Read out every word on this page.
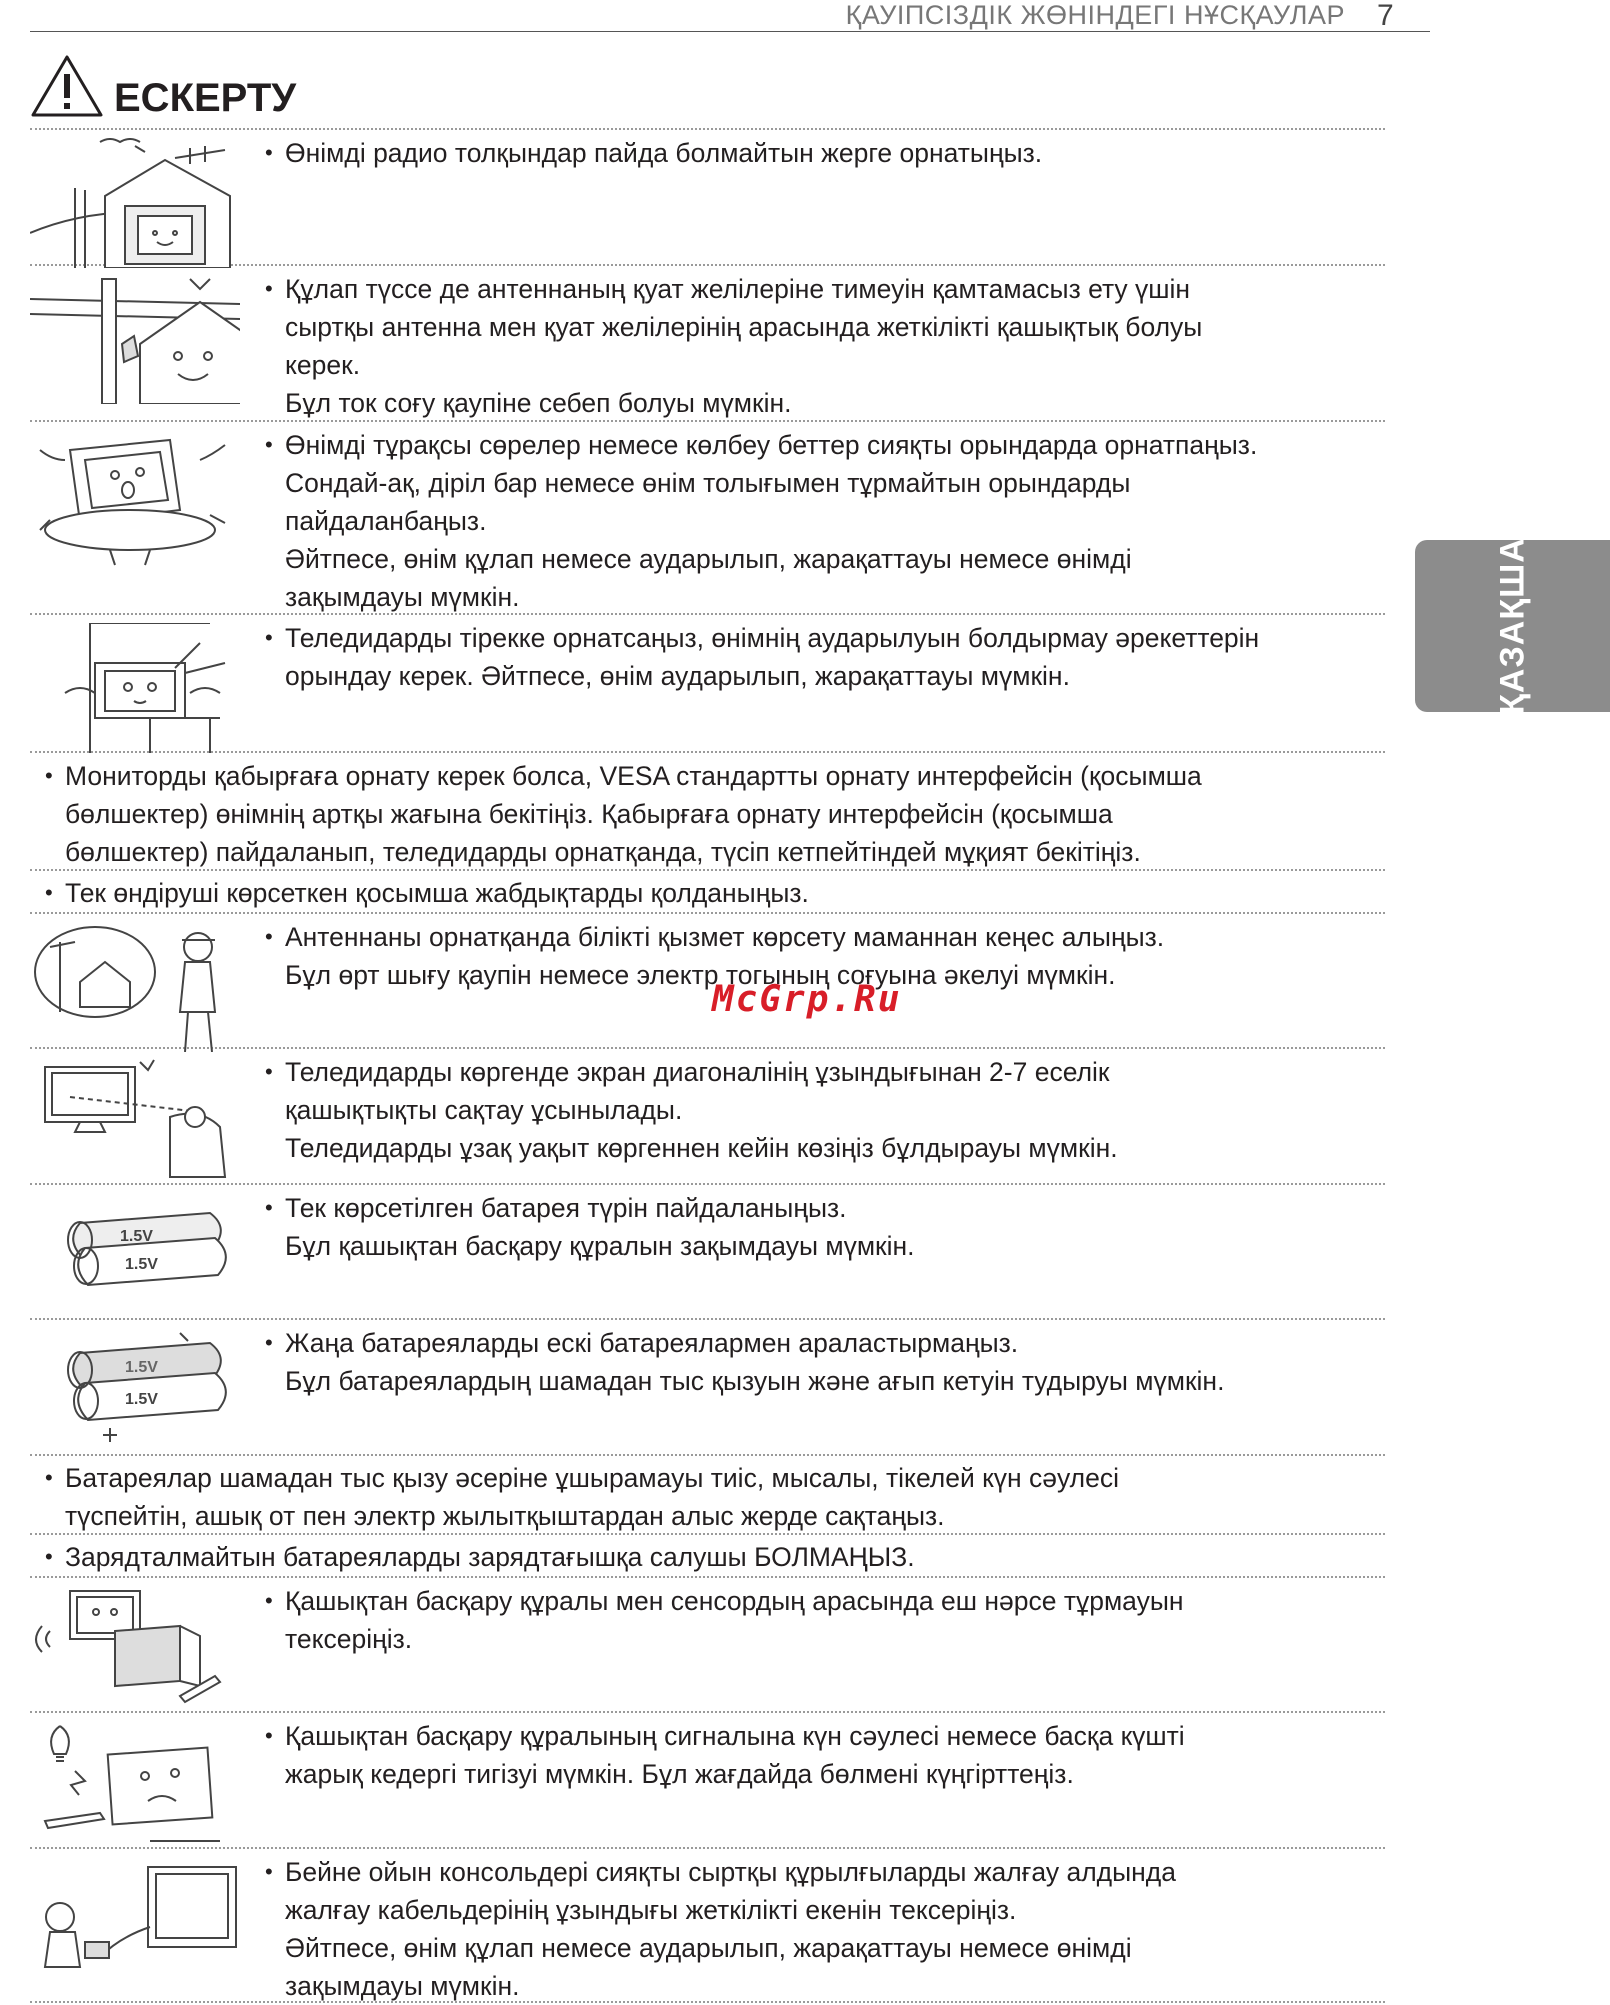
ҚАУІПСІЗДІК ЖӨНІНДЕГІ НҰСҚАУЛАР 7
ЕСКЕРТУ
ҚАЗАҚША
• Өнімді радио толқындар пайда болмайтын жерге орнатыңыз.
• Құлап түссе де антеннаның қуат желілеріне тимеуін қамтамасыз ету үшін
сыртқы антенна мен қуат желілерінің арасында жеткілікті қашықтық болуы
керек.
Бұл ток соғу қаупіне себеп болуы мүмкін.
• Өнімді тұрақсы сөрелер немесе көлбеу беттер сияқты орындарда орнатпаңыз.
Сондай-ақ, діріл бар немесе өнім толығымен тұрмайтын орындарды
пайдаланбаңыз.
Әйтпесе, өнім құлап немесе аударылып, жарақаттауы немесе өнімді
зақымдауы мүмкін.
• Теледидарды тірекке орнатсаңыз, өнімнің аударылуын болдырмау әрекеттерін
орындау керек. Әйтпесе, өнім аударылып, жарақаттауы мүмкін.
• Мониторды қабырғаға орнату керек болса, VESA стандартты орнату интерфейсін (қосымша
бөлшектер) өнімнің артқы жағына бекітіңіз. Қабырғаға орнату интерфейсін (қосымша
бөлшектер) пайдаланып, теледидарды орнатқанда, түсіп кетпейтіндей мұқият бекітіңіз.
• Тек өндіруші көрсеткен қосымша жабдықтарды қолданыңыз.
• Антеннаны орнатқанда білікті қызмет көрсету маманнан кеңес алыңыз.
Бұл өрт шығу қаупін немесе электр тогының соғуына әкелуі мүмкін.
McGrp.Ru
• Теледидарды көргенде экран диагоналінің ұзындығынан 2-7 еселік
қашықтықты сақтау ұсынылады.
Теледидарды ұзақ уақыт көргеннен кейін көзіңіз бұлдырауы мүмкін.
1.5V
1.5V
• Тек көрсетілген батарея түрін пайдаланыңыз.
Бұл қашықтан басқару құралын зақымдауы мүмкін.
1.5V
1.5V
• Жаңа батареяларды ескі батареялармен араластырмаңыз.
Бұл батареялардың шамадан тыс қызуын және ағып кетуін тудыруы мүмкін.
• Батареялар шамадан тыс қызу әсеріне ұшырамауы тиіс, мысалы, тікелей күн сәулесі
түспейтін, ашық от пен электр жылытқыштардан алыс жерде сақтаңыз.
• Зарядталмайтын батареяларды зарядтағышқа салушы БОЛМАҢЫЗ.
• Қашықтан басқару құралы мен сенсордың арасында еш нәрсе тұрмауын
тексеріңіз.
• Қашықтан басқару құралының сигналына күн сәулесі немесе басқа күшті
жарық кедергі тигізуі мүмкін. Бұл жағдайда бөлмені күңгірттеңіз.
• Бейне ойын консольдері сияқты сыртқы құрылғыларды жалғау алдында
жалғау кабельдерінің ұзындығы жеткілікті екенін тексеріңіз.
Әйтпесе, өнім құлап немесе аударылып, жарақаттауы немесе өнімді
зақымдауы мүмкін.
